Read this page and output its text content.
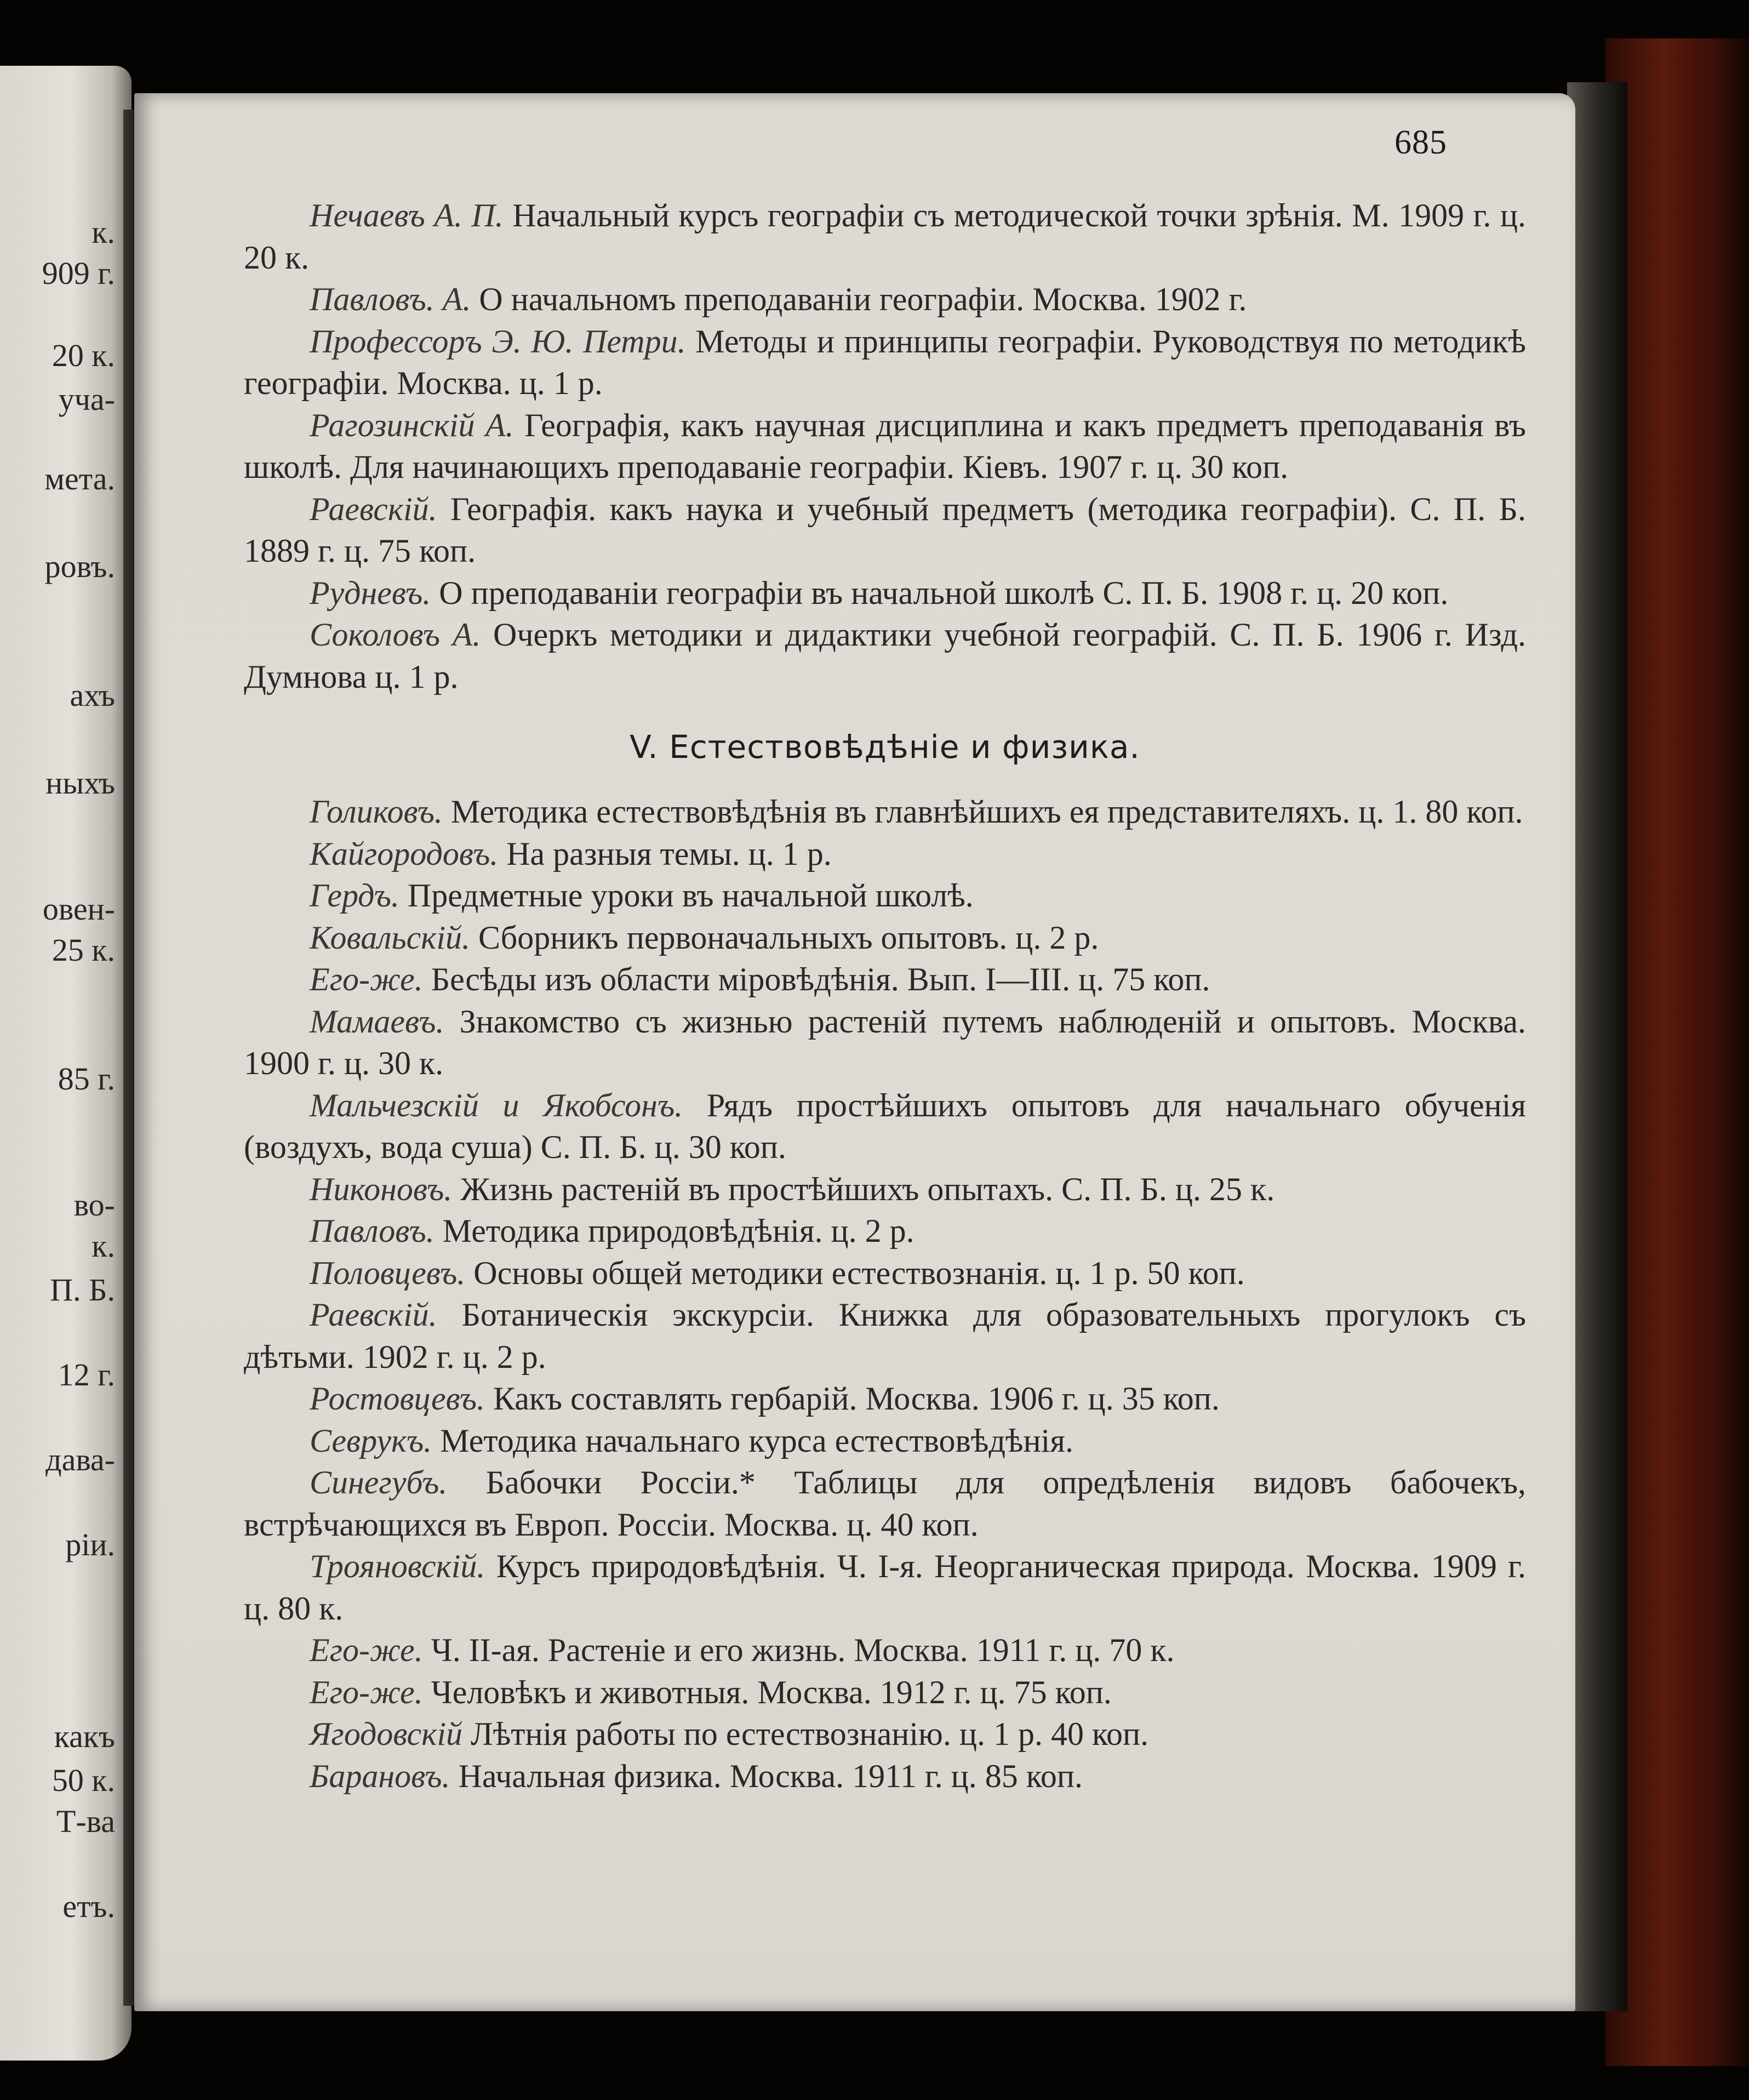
к.
909 г.
20 к.
уча-
мета.
ровъ.
ахъ
ныхъ
овен-
25 к.
85 г.
во-
к.
П. Б.
12 г.
дава-
ріи.
какъ
50 к.
Т-ва
етъ.
685

Нечаевъ А. П. Начальный курсъ географіи съ методической точки зрѣнія. М. 1909 г. ц. 20 к.

Павловъ. А. О начальномъ преподаваніи географіи. Москва. 1902 г.

Профессоръ Э. Ю. Петри. Методы и принципы географіи. Руководствуя по методикѣ географіи. Москва. ц. 1 р.

Рагозинскій А. Географія, какъ научная дисциплина и какъ предметъ преподаванія въ школѣ. Для начинающихъ преподаваніе географіи. Кіевъ. 1907 г. ц. 30 коп.

Раевскій. Географія. какъ наука и учебный предметъ (методика географіи). С. П. Б. 1889 г. ц. 75 коп.

Рудневъ. О преподаваніи географіи въ начальной школѣ С. П. Б. 1908 г. ц. 20 коп.

Соколовъ А. Очеркъ методики и дидактики учебной географій. С. П. Б. 1906 г. Изд. Думнова ц. 1 р.

V. Естествовѣдѣніе и физика.

Голиковъ. Методика естествовѣдѣнія въ главнѣйшихъ ея представителяхъ. ц. 1. 80 коп.

Кайгородовъ. На разныя темы. ц. 1 р.

Гердъ. Предметные уроки въ начальной школѣ.

Ковальскій. Сборникъ первоначальныхъ опытовъ. ц. 2 р.

Его-же. Бесѣды изъ области міровѣдѣнія. Вып. I—III. ц. 75 коп.

Мамаевъ. Знакомство съ жизнью растеній путемъ наблюденій и опытовъ. Москва. 1900 г. ц. 30 к.

Мальчезскій и Якобсонъ. Рядъ простѣйшихъ опытовъ для начальнаго обученія (воздухъ, вода суша) С. П. Б. ц. 30 коп.

Никоновъ. Жизнь растеній въ простѣйшихъ опытахъ. С. П. Б. ц. 25 к.

Павловъ. Методика природовѣдѣнія. ц. 2 р.

Половцевъ. Основы общей методики естествознанія. ц. 1 р. 50 коп.

Раевскій. Ботаническія экскурсіи. Книжка для образовательныхъ прогулокъ съ дѣтьми. 1902 г. ц. 2 р.

Ростовцевъ. Какъ составлять гербарій. Москва. 1906 г. ц. 35 коп.

Севрукъ. Методика начальнаго курса естествовѣдѣнія.

Синегубъ. Бабочки Россіи.* Таблицы для опредѣленія видовъ бабочекъ, встрѣчающихся въ Европ. Россіи. Москва. ц. 40 коп.

Трояновскій. Курсъ природовѣдѣнія. Ч. I-я. Неорганическая природа. Москва. 1909 г. ц. 80 к.

Его-же. Ч. II-ая. Растеніе и его жизнь. Москва. 1911 г. ц. 70 к.

Его-же. Человѣкъ и животныя. Москва. 1912 г. ц. 75 коп.

Ягодовскій Лѣтнія работы по естествознанію. ц. 1 р. 40 коп.

Барановъ. Начальная физика. Москва. 1911 г. ц. 85 коп.
